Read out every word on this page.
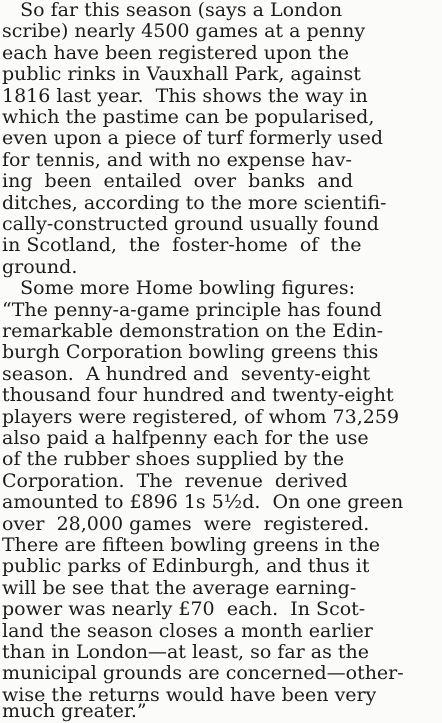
So far this season (says a London
scribe) nearly 4500 games at a penny
each have been registered upon the
public rinks in Vauxhall Park, against
1816 last year.  This shows the way in
which the pastime can be popularised,
even upon a piece of turf formerly used
for tennis, and with no expense hav-
ing  been  entailed  over  banks  and
ditches, according to the more scientifi-
cally-constructed ground usually found
in Scotland,  the  foster-home  of  the
ground.
Some more Home bowling figures:
“The penny-a-game principle has found
remarkable demonstration on the Edin-
burgh Corporation bowling greens this
season.  A hundred and  seventy-eight
thousand four hundred and twenty-eight
players were registered, of whom 73,259
also paid a halfpenny each for the use
of the rubber shoes supplied by the
Corporation.  The  revenue  derived
amounted to £896 1s 5½d.  On one green
over  28,000 games  were  registered.
There are fifteen bowling greens in the
public parks of Edinburgh, and thus it
will be see that the average earning-
power was nearly £70  each.  In Scot-
land the season closes a month earlier
than in London—at least, so far as the
municipal grounds are concerned—other-
wise the returns would have been very
much greater.”
